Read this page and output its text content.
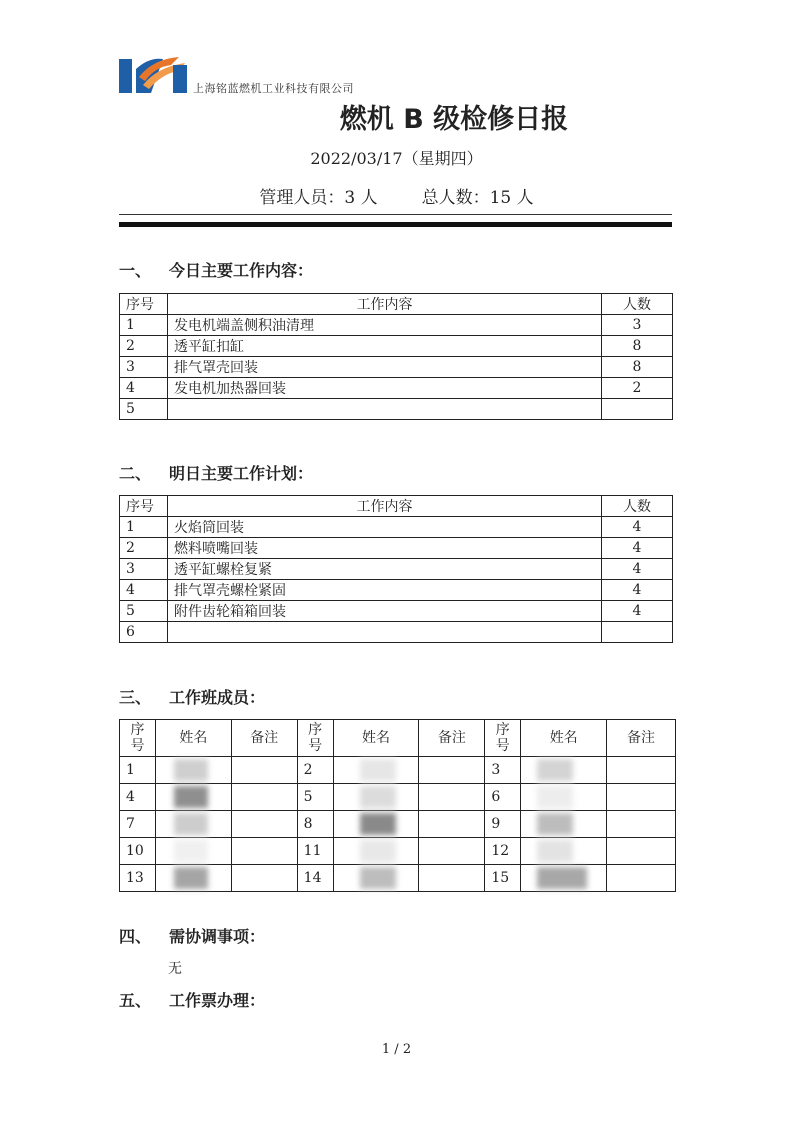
上海铭蓝燃机工业科技有限公司
燃机 B 级检修日报
2022/03/17（星期四）
管理人员：3 人	总人数：15 人
一、 今日主要工作内容：
序号	工作内容	人数
1	发电机端盖侧积油清理	3
2	透平缸扣缸	8
3	排气罩壳回装	8
4	发电机加热器回装	2
5		
二、 明日主要工作计划：
序号	工作内容	人数
1	火焰筒回装	4
2	燃料喷嘴回装	4
3	透平缸螺栓复紧	4
4	排气罩壳螺栓紧固	4
5	附件齿轮箱箱回装	4
6		
三、 工作班成员：
序号	姓名	备注	序号	姓名	备注	序号	姓名	备注
1			2			3	

4			5			6	

7			8			9	

10			11			12	

13			14			15	

四、 需协调事项：
无
五、 工作票办理：
1 / 2
